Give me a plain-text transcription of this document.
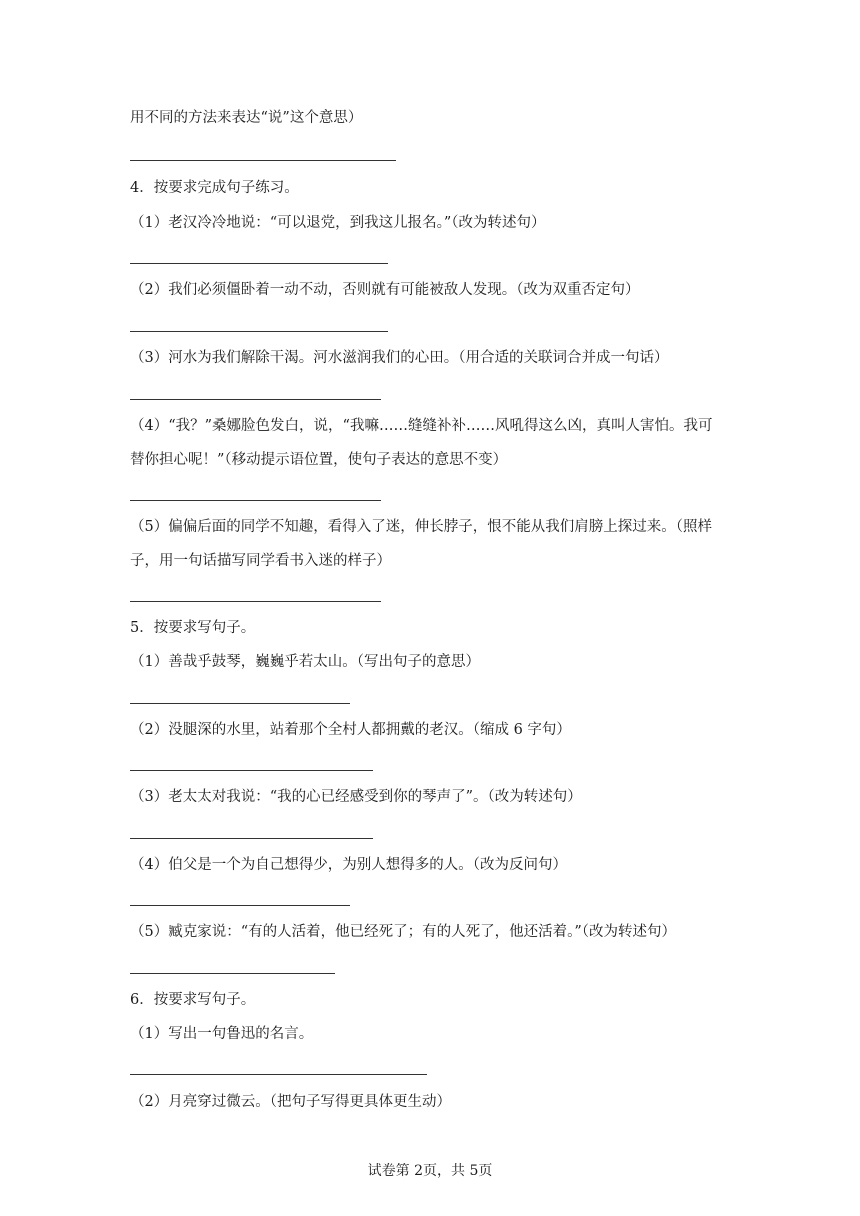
用不同的方法来表达“说”这个意思）
4．按要求完成句子练习。
（1）老汉冷冷地说：“可以退党，到我这儿报名。”（改为转述句）
（2）我们必须僵卧着一动不动，否则就有可能被敌人发现。（改为双重否定句）
（3）河水为我们解除干渴。河水滋润我们的心田。（用合适的关联词合并成一句话）
（4）“我？”桑娜脸色发白，说，“我嘛……缝缝补补……风吼得这么凶，真叫人害怕。我可
替你担心呢！”（移动提示语位置，使句子表达的意思不变）
（5）偏偏后面的同学不知趣，看得入了迷，伸长脖子，恨不能从我们肩膀上探过来。（照样
子，用一句话描写同学看书入迷的样子）
5．按要求写句子。
（1）善哉乎鼓琴，巍巍乎若太山。（写出句子的意思）
（2）没腿深的水里，站着那个全村人都拥戴的老汉。（缩成 6 字句）
（3）老太太对我说：“我的心已经感受到你的琴声了”。（改为转述句）
（4）伯父是一个为自己想得少，为别人想得多的人。（改为反问句）
（5）臧克家说：“有的人活着，他已经死了；有的人死了，他还活着。”（改为转述句）
6．按要求写句子。
（1）写出一句鲁迅的名言。
（2）月亮穿过微云。（把句子写得更具体更生动）
试卷第 2页，共 5页
